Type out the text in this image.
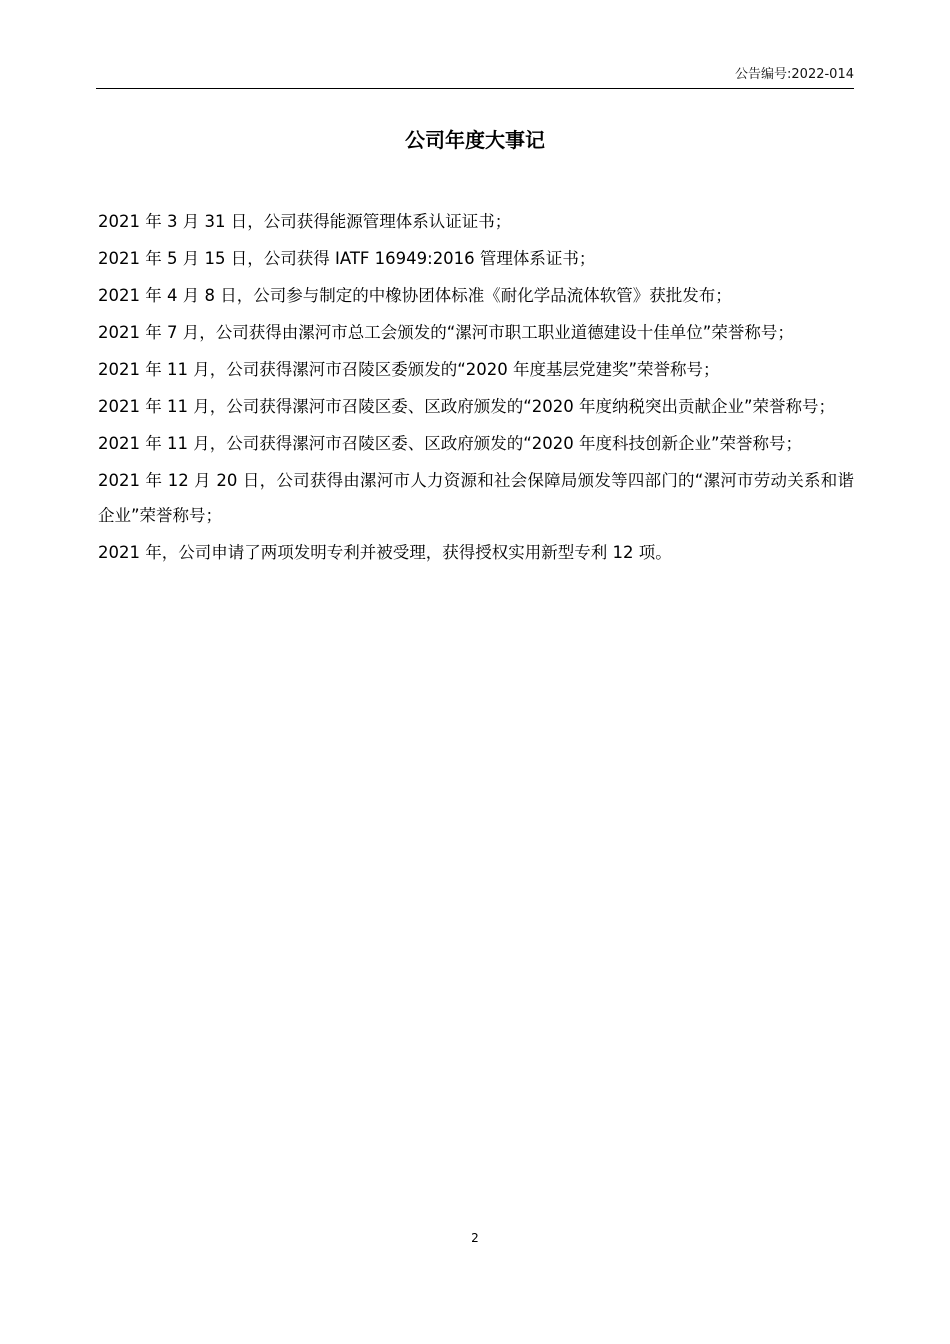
公告编号:2022-014
公司年度大事记
2021 年 3 月 31 日，公司获得能源管理体系认证证书；
2021 年 5 月 15 日，公司获得 IATF 16949:2016 管理体系证书；
2021 年 4 月 8 日，公司参与制定的中橡协团体标准《耐化学品流体软管》获批发布；
2021 年 7 月，公司获得由漯河市总工会颁发的“漯河市职工职业道德建设十佳单位”荣誉称号；
2021 年 11 月，公司获得漯河市召陵区委颁发的“2020 年度基层党建奖”荣誉称号；
2021 年 11 月，公司获得漯河市召陵区委、区政府颁发的“2020 年度纳税突出贡献企业”荣誉称号；
2021 年 11 月，公司获得漯河市召陵区委、区政府颁发的“2020 年度科技创新企业”荣誉称号；
2021 年 12 月 20 日，公司获得由漯河市人力资源和社会保障局颁发等四部门的“漯河市劳动关系和谐企业”荣誉称号；
2021 年，公司申请了两项发明专利并被受理，获得授权实用新型专利 12 项。
2
